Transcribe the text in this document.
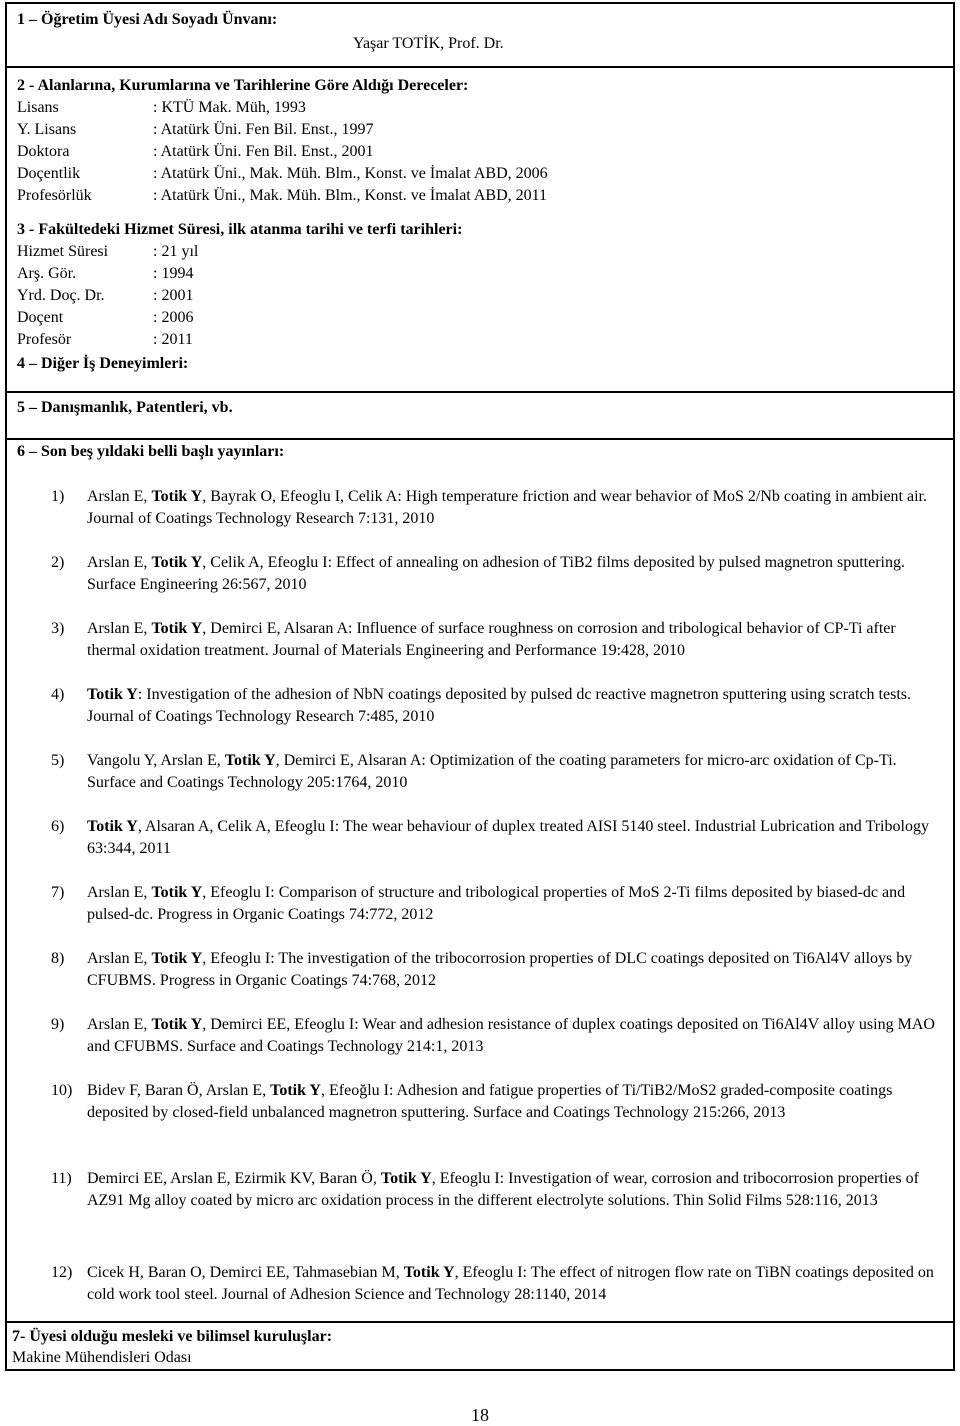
1 – Öğretim Üyesi Adı Soyadı Ünvanı:
Yaşar TOTİK, Prof. Dr.
2 - Alanlarına, Kurumlarına ve Tarihlerine Göre Aldığı Dereceler:
Lisans	: KTÜ Mak. Müh, 1993
Y. Lisans	: Atatürk Üni. Fen Bil. Enst., 1997
Doktora	: Atatürk Üni. Fen Bil. Enst., 2001
Doçentlik	: Atatürk Üni., Mak. Müh. Blm., Konst. ve İmalat ABD, 2006
Profesörlük	: Atatürk Üni., Mak. Müh. Blm., Konst. ve İmalat ABD, 2011
3 - Fakültedeki Hizmet Süresi, ilk atanma tarihi ve terfi tarihleri:
Hizmet Süresi	: 21 yıl
Arş. Gör.	: 1994
Yrd. Doç. Dr.	: 2001
Doçent	: 2006
Profesör	: 2011
4 – Diğer İş Deneyimleri:
5 – Danışmanlık, Patentleri, vb.
6 – Son beş yıldaki belli başlı yayınları:
1)	Arslan E, Totik Y, Bayrak O, Efeoglu I, Celik A: High temperature friction and wear behavior of MoS 2/Nb coating in ambient air. Journal of Coatings Technology Research 7:131, 2010
2)	Arslan E, Totik Y, Celik A, Efeoglu I: Effect of annealing on adhesion of TiB2 films deposited by pulsed magnetron sputtering. Surface Engineering 26:567, 2010
3)	Arslan E, Totik Y, Demirci E, Alsaran A: Influence of surface roughness on corrosion and tribological behavior of CP-Ti after thermal oxidation treatment. Journal of Materials Engineering and Performance 19:428, 2010
4)	Totik Y: Investigation of the adhesion of NbN coatings deposited by pulsed dc reactive magnetron sputtering using scratch tests. Journal of Coatings Technology Research 7:485, 2010
5)	Vangolu Y, Arslan E, Totik Y, Demirci E, Alsaran A: Optimization of the coating parameters for micro-arc oxidation of Cp-Ti. Surface and Coatings Technology 205:1764, 2010
6)	Totik Y, Alsaran A, Celik A, Efeoglu I: The wear behaviour of duplex treated AISI 5140 steel. Industrial Lubrication and Tribology 63:344, 2011
7)	Arslan E, Totik Y, Efeoglu I: Comparison of structure and tribological properties of MoS 2-Ti films deposited by biased-dc and pulsed-dc. Progress in Organic Coatings 74:772, 2012
8)	Arslan E, Totik Y, Efeoglu I: The investigation of the tribocorrosion properties of DLC coatings deposited on Ti6Al4V alloys by CFUBMS. Progress in Organic Coatings 74:768, 2012
9)	Arslan E, Totik Y, Demirci EE, Efeoglu I: Wear and adhesion resistance of duplex coatings deposited on Ti6Al4V alloy using MAO and CFUBMS. Surface and Coatings Technology 214:1, 2013
10) Bidev F, Baran Ö, Arslan E, Totik Y, Efeoğlu I: Adhesion and fatigue properties of Ti/TiB2/MoS2 graded-composite coatings deposited by closed-field unbalanced magnetron sputtering. Surface and Coatings Technology 215:266, 2013
11) Demirci EE, Arslan E, Ezirmik KV, Baran Ö, Totik Y, Efeoglu I: Investigation of wear, corrosion and tribocorrosion properties of AZ91 Mg alloy coated by micro arc oxidation process in the different electrolyte solutions. Thin Solid Films 528:116, 2013
12) Cicek H, Baran O, Demirci EE, Tahmasebian M, Totik Y, Efeoglu I: The effect of nitrogen flow rate on TiBN coatings deposited on cold work tool steel. Journal of Adhesion Science and Technology 28:1140, 2014
7- Üyesi olduğu mesleki ve bilimsel kuruluşlar:
Makine Mühendisleri Odası
18
